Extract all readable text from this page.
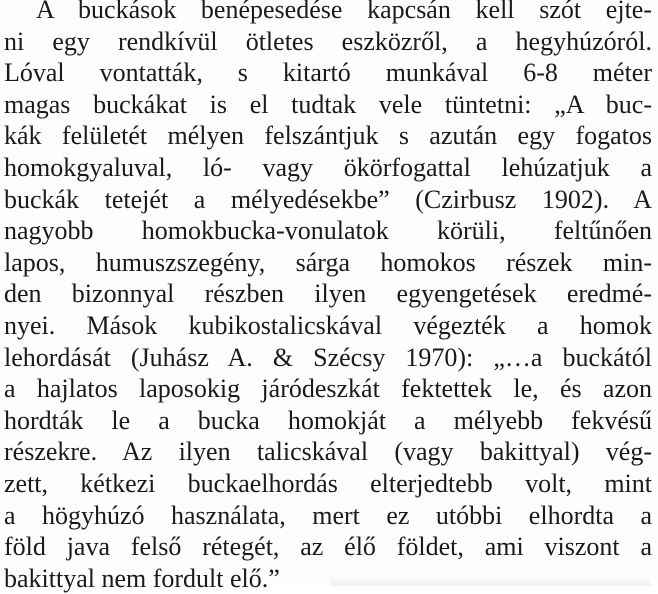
A buckások benépesedése kapcsán kell szót ejte-
ni egy rendkívül ötletes eszközről, a hegyhúzóról.
Lóval vontatták, s kitartó munkával 6-8 méter
magas buckákat is el tudtak vele tüntetni: „A buc-
kák felületét mélyen felszántjuk s azután egy fogatos
homokgyaluval, ló- vagy ökörfogattal lehúzatjuk a
buckák tetejét a mélyedésekbe” (Czirbusz 1902). A
nagyobb homokbucka-vonulatok körüli, feltűnően
lapos, humuszszegény, sárga homokos részek min-
den bizonnyal részben ilyen egyengetések eredmé-
nyei. Mások kubikostalicskával végezték a homok
lehordását (Juhász A. & Szécsy 1970): „…a buckától
a hajlatos laposokig járódeszkát fektettek le, és azon
hordták le a bucka homokját a mélyebb fekvésű
részekre. Az ilyen talicskával (vagy bakittyal) vég-
zett, kétkezi buckaelhordás elterjedtebb volt, mint
a högyhúzó használata, mert ez utóbbi elhordta a
föld java felső rétegét, az élő földet, ami viszont a
bakittyal nem fordult elő.”
